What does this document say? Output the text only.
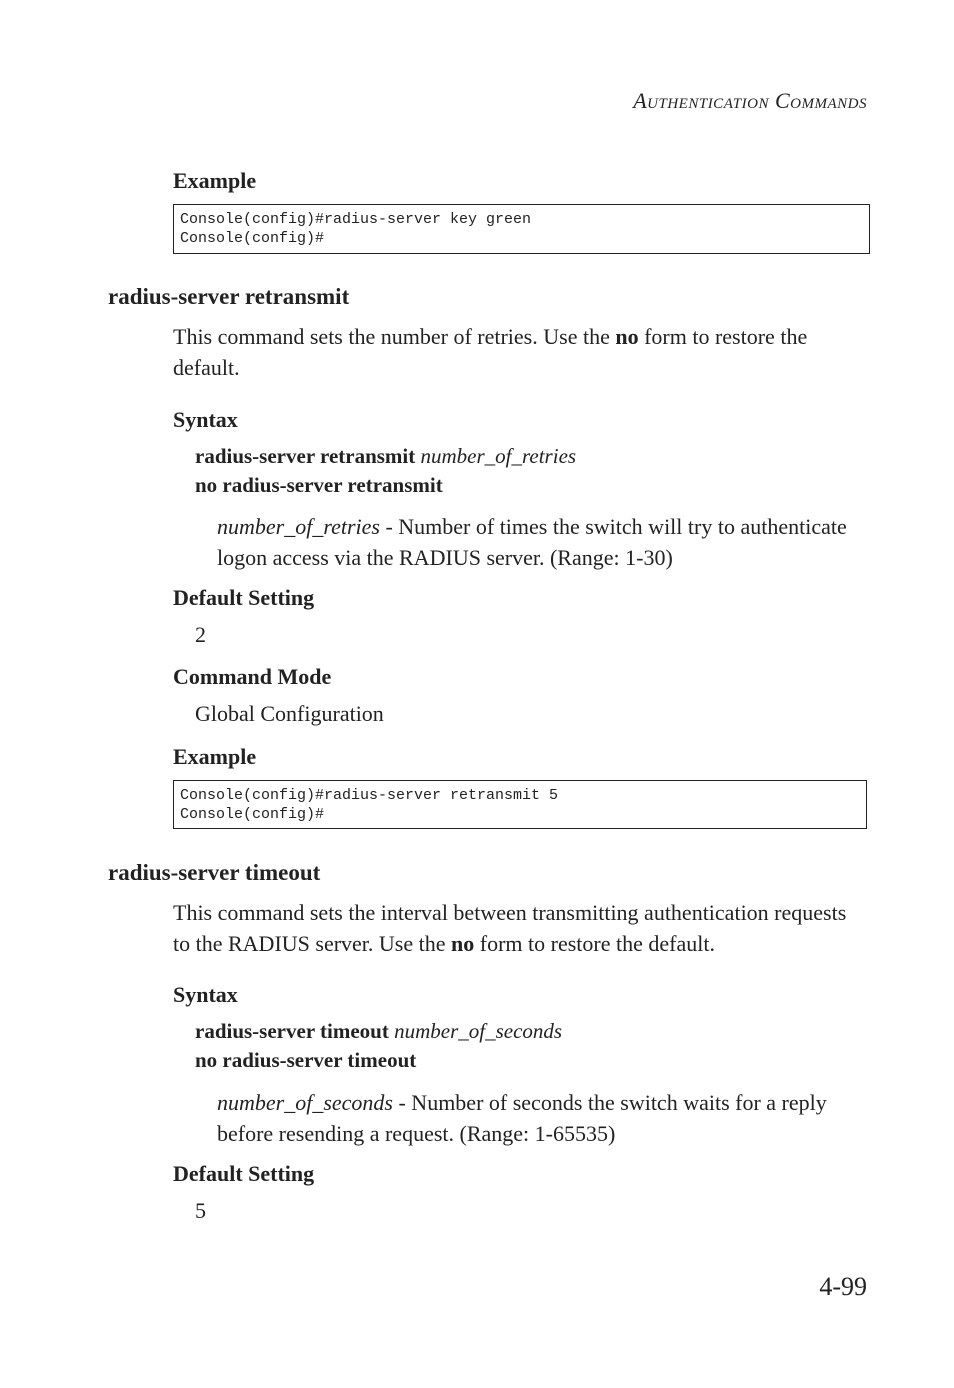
AUTHENTICATION COMMANDS
Example
Console(config)#radius-server key green
Console(config)#
radius-server retransmit
This command sets the number of retries. Use the no form to restore the default.
Syntax
radius-server retransmit number_of_retries
no radius-server retransmit
number_of_retries - Number of times the switch will try to authenticate logon access via the RADIUS server. (Range: 1-30)
Default Setting
2
Command Mode
Global Configuration
Example
Console(config)#radius-server retransmit 5
Console(config)#
radius-server timeout
This command sets the interval between transmitting authentication requests to the RADIUS server. Use the no form to restore the default.
Syntax
radius-server timeout number_of_seconds
no radius-server timeout
number_of_seconds - Number of seconds the switch waits for a reply before resending a request. (Range: 1-65535)
Default Setting
5
4-99
